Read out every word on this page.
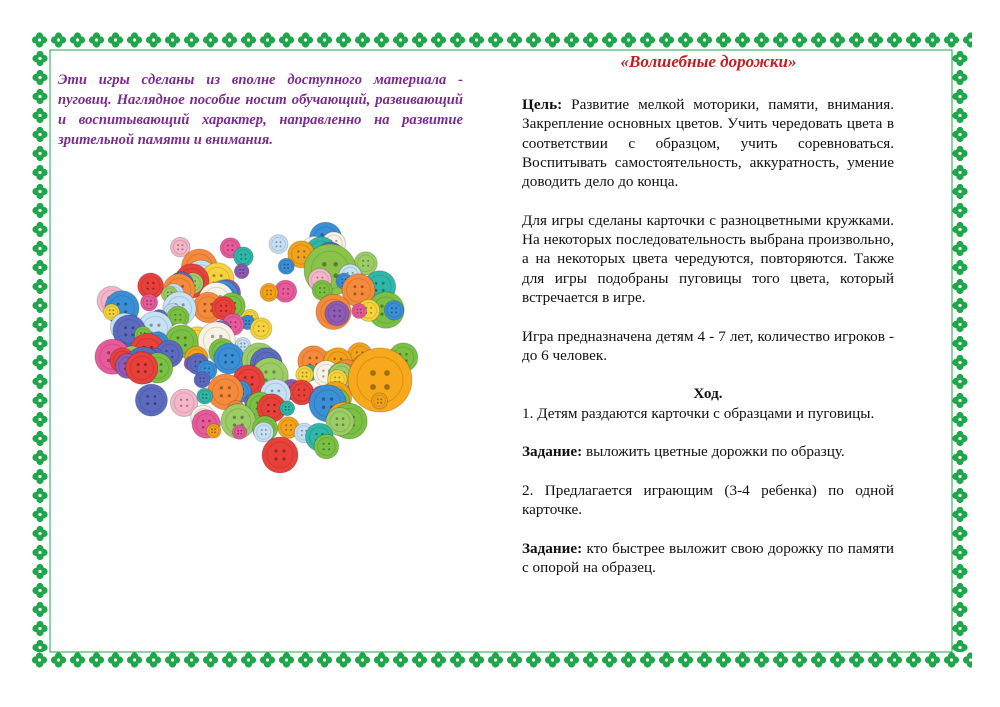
Эти игры сделаны из вполне доступного материала - пуговиц. Наглядное пособие носит обучающий, развивающий и воспитывающий характер, направленно на развитие зрительной памяти и внимания.

«Волшебные дорожки»

Цель: Развитие мелкой моторики, памяти, внимания. Закрепление основных цветов. Учить чередовать цвета в соответствии с образцом, учить соревноваться. Воспитывать самостоятельность, аккуратность, умение доводить дело до конца.

Для игры сделаны карточки с разноцветными кружками. На некоторых последовательность выбрана произвольно, а на некоторых цвета чередуются, повторяются. Также для игры подобраны пуговицы того цвета, который встречается в игре.

Игра предназначена детям 4 - 7 лет, количество игроков - до 6 человек.

Ход.

1. Детям раздаются карточки с образцами и пуговицы.

Задание: выложить цветные дорожки по образцу.

2. Предлагается играющим (3-4 ребенка) по одной карточке.

Задание: кто быстрее выложит свою дорожку по памяти с опорой на образец.
